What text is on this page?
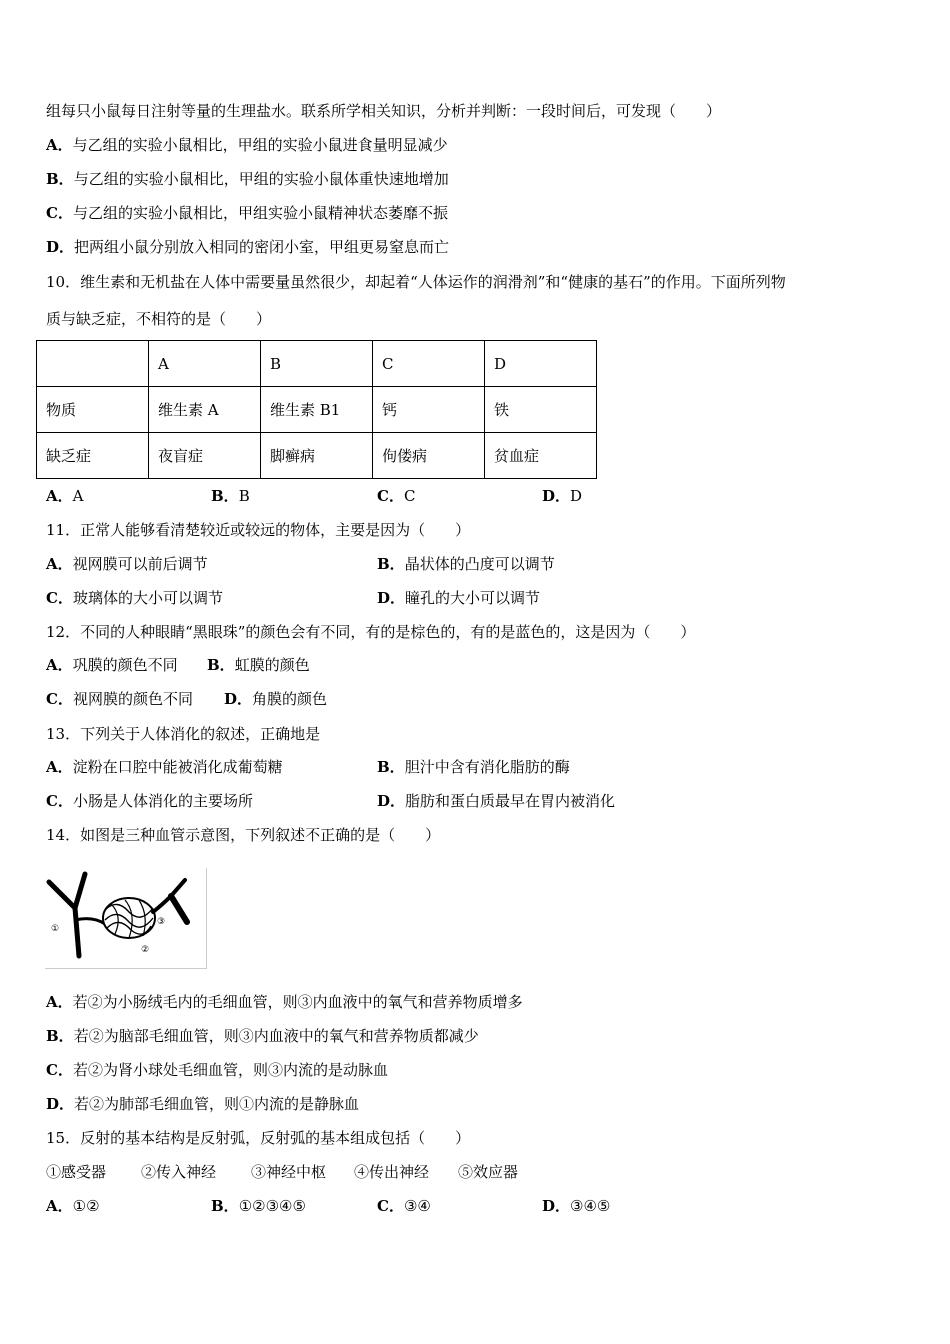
组每只小鼠每日注射等量的生理盐水。联系所学相关知识，分析并判断：一段时间后，可发现（　　）
A．与乙组的实验小鼠相比，甲组的实验小鼠进食量明显减少
B．与乙组的实验小鼠相比，甲组的实验小鼠体重快速地增加
C．与乙组的实验小鼠相比，甲组实验小鼠精神状态萎靡不振
D．把两组小鼠分别放入相同的密闭小室，甲组更易窒息而亡
10．维生素和无机盐在人体中需要量虽然很少，却起着“人体运作的润滑剂”和“健康的基石”的作用。下面所列物
质与缺乏症，不相符的是（　　）
	A	B	C	D
物质	维生素 A	维生素 B1	钙	铁
缺乏症	夜盲症	脚癣病	佝偻病	贫血症
A．A	B．B	C．C	D．D
11．正常人能够看清楚较近或较远的物体，主要是因为（　　）
A．视网膜可以前后调节	B．晶状体的凸度可以调节
C．玻璃体的大小可以调节	D．瞳孔的大小可以调节
12．不同的人种眼睛“黑眼珠”的颜色会有不同，有的是棕色的，有的是蓝色的，这是因为（　　）
A．巩膜的颜色不同 B．虹膜的颜色
C．视网膜的颜色不同 D．角膜的颜色
13．下列关于人体消化的叙述，正确地是
A．淀粉在口腔中能被消化成葡萄糖	B．胆汁中含有消化脂肪的酶
C．小肠是人体消化的主要场所	D．脂肪和蛋白质最早在胃内被消化
14．如图是三种血管示意图，下列叙述不正确的是（　　）
①
②
③
A．若②为小肠绒毛内的毛细血管，则③内血液中的氧气和营养物质增多
B．若②为脑部毛细血管，则③内血液中的氧气和营养物质都减少
C．若②为肾小球处毛细血管，则③内流的是动脉血
D．若②为肺部毛细血管，则①内流的是静脉血
15．反射的基本结构是反射弧，反射弧的基本组成包括（　　）
①感受器 ②传入神经 ③神经中枢 ④传出神经 ⑤效应器
A．①②	B．①②③④⑤	C．③④	D．③④⑤
